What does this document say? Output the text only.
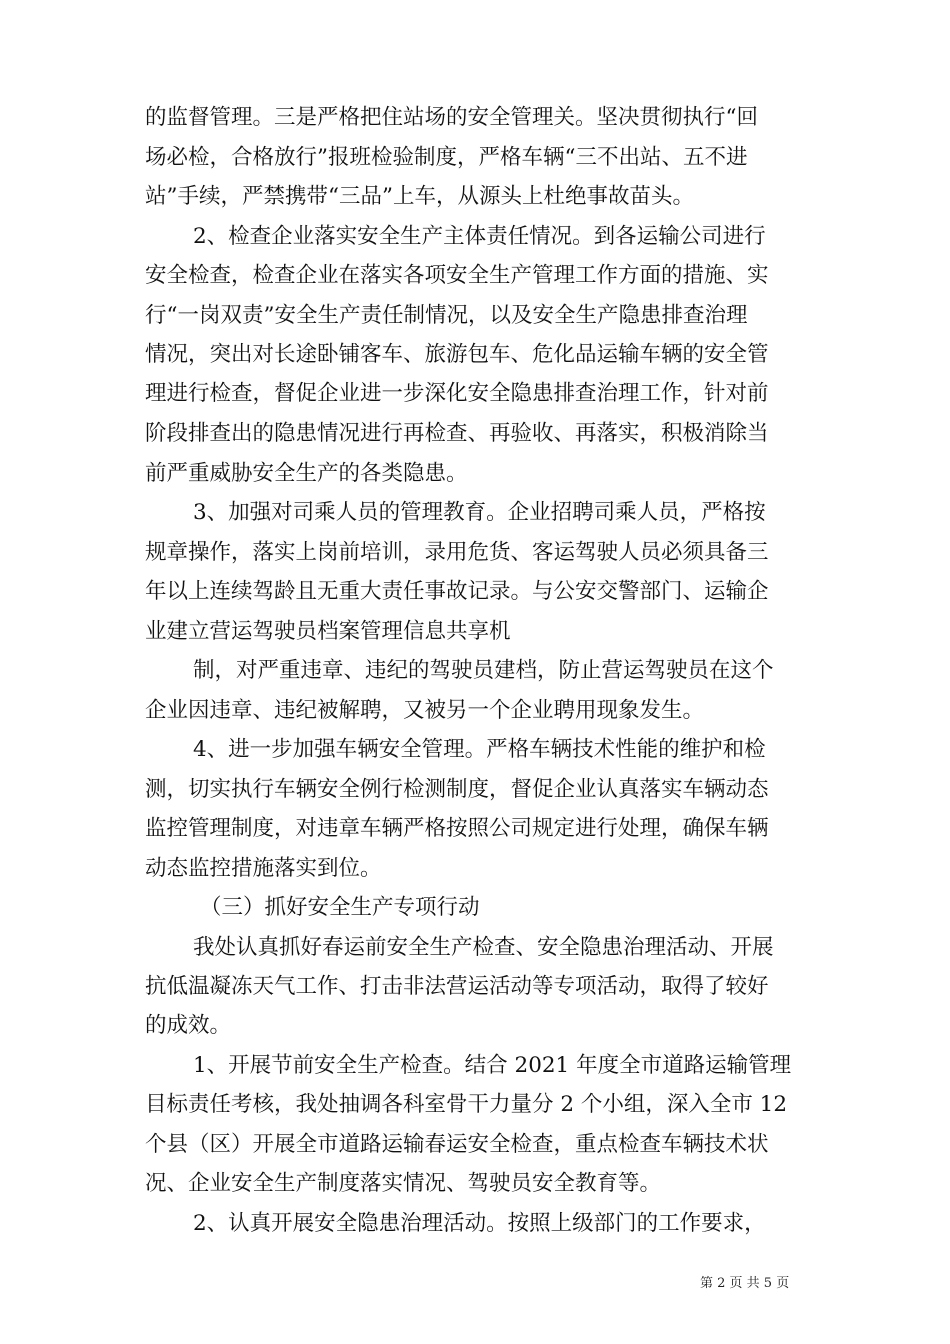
的监督管理。三是严格把住站场的安全管理关。坚决贯彻执行“回
场必检，合格放行”报班检验制度，严格车辆“三不出站、五不进
站”手续，严禁携带“三品”上车，从源头上杜绝事故苗头。
2、检查企业落实安全生产主体责任情况。到各运输公司进行
安全检查，检查企业在落实各项安全生产管理工作方面的措施、实
行“一岗双责”安全生产责任制情况，以及安全生产隐患排查治理
情况，突出对长途卧铺客车、旅游包车、危化品运输车辆的安全管
理进行检查，督促企业进一步深化安全隐患排查治理工作，针对前
阶段排查出的隐患情况进行再检查、再验收、再落实，积极消除当
前严重威胁安全生产的各类隐患。
3、加强对司乘人员的管理教育。企业招聘司乘人员，严格按
规章操作，落实上岗前培训，录用危货、客运驾驶人员必须具备三
年以上连续驾龄且无重大责任事故记录。与公安交警部门、运输企
业建立营运驾驶员档案管理信息共享机
制，对严重违章、违纪的驾驶员建档，防止营运驾驶员在这个
企业因违章、违纪被解聘，又被另一个企业聘用现象发生。
4、进一步加强车辆安全管理。严格车辆技术性能的维护和检
测，切实执行车辆安全例行检测制度，督促企业认真落实车辆动态
监控管理制度，对违章车辆严格按照公司规定进行处理，确保车辆
动态监控措施落实到位。
（三）抓好安全生产专项行动
我处认真抓好春运前安全生产检查、安全隐患治理活动、开展
抗低温凝冻天气工作、打击非法营运活动等专项活动，取得了较好
的成效。
1、开展节前安全生产检查。结合 2021 年度全市道路运输管理
目标责任考核，我处抽调各科室骨干力量分 2 个小组，深入全市 12
个县（区）开展全市道路运输春运安全检查，重点检查车辆技术状
况、企业安全生产制度落实情况、驾驶员安全教育等。
2、认真开展安全隐患治理活动。按照上级部门的工作要求，
第 2 页 共 5 页
